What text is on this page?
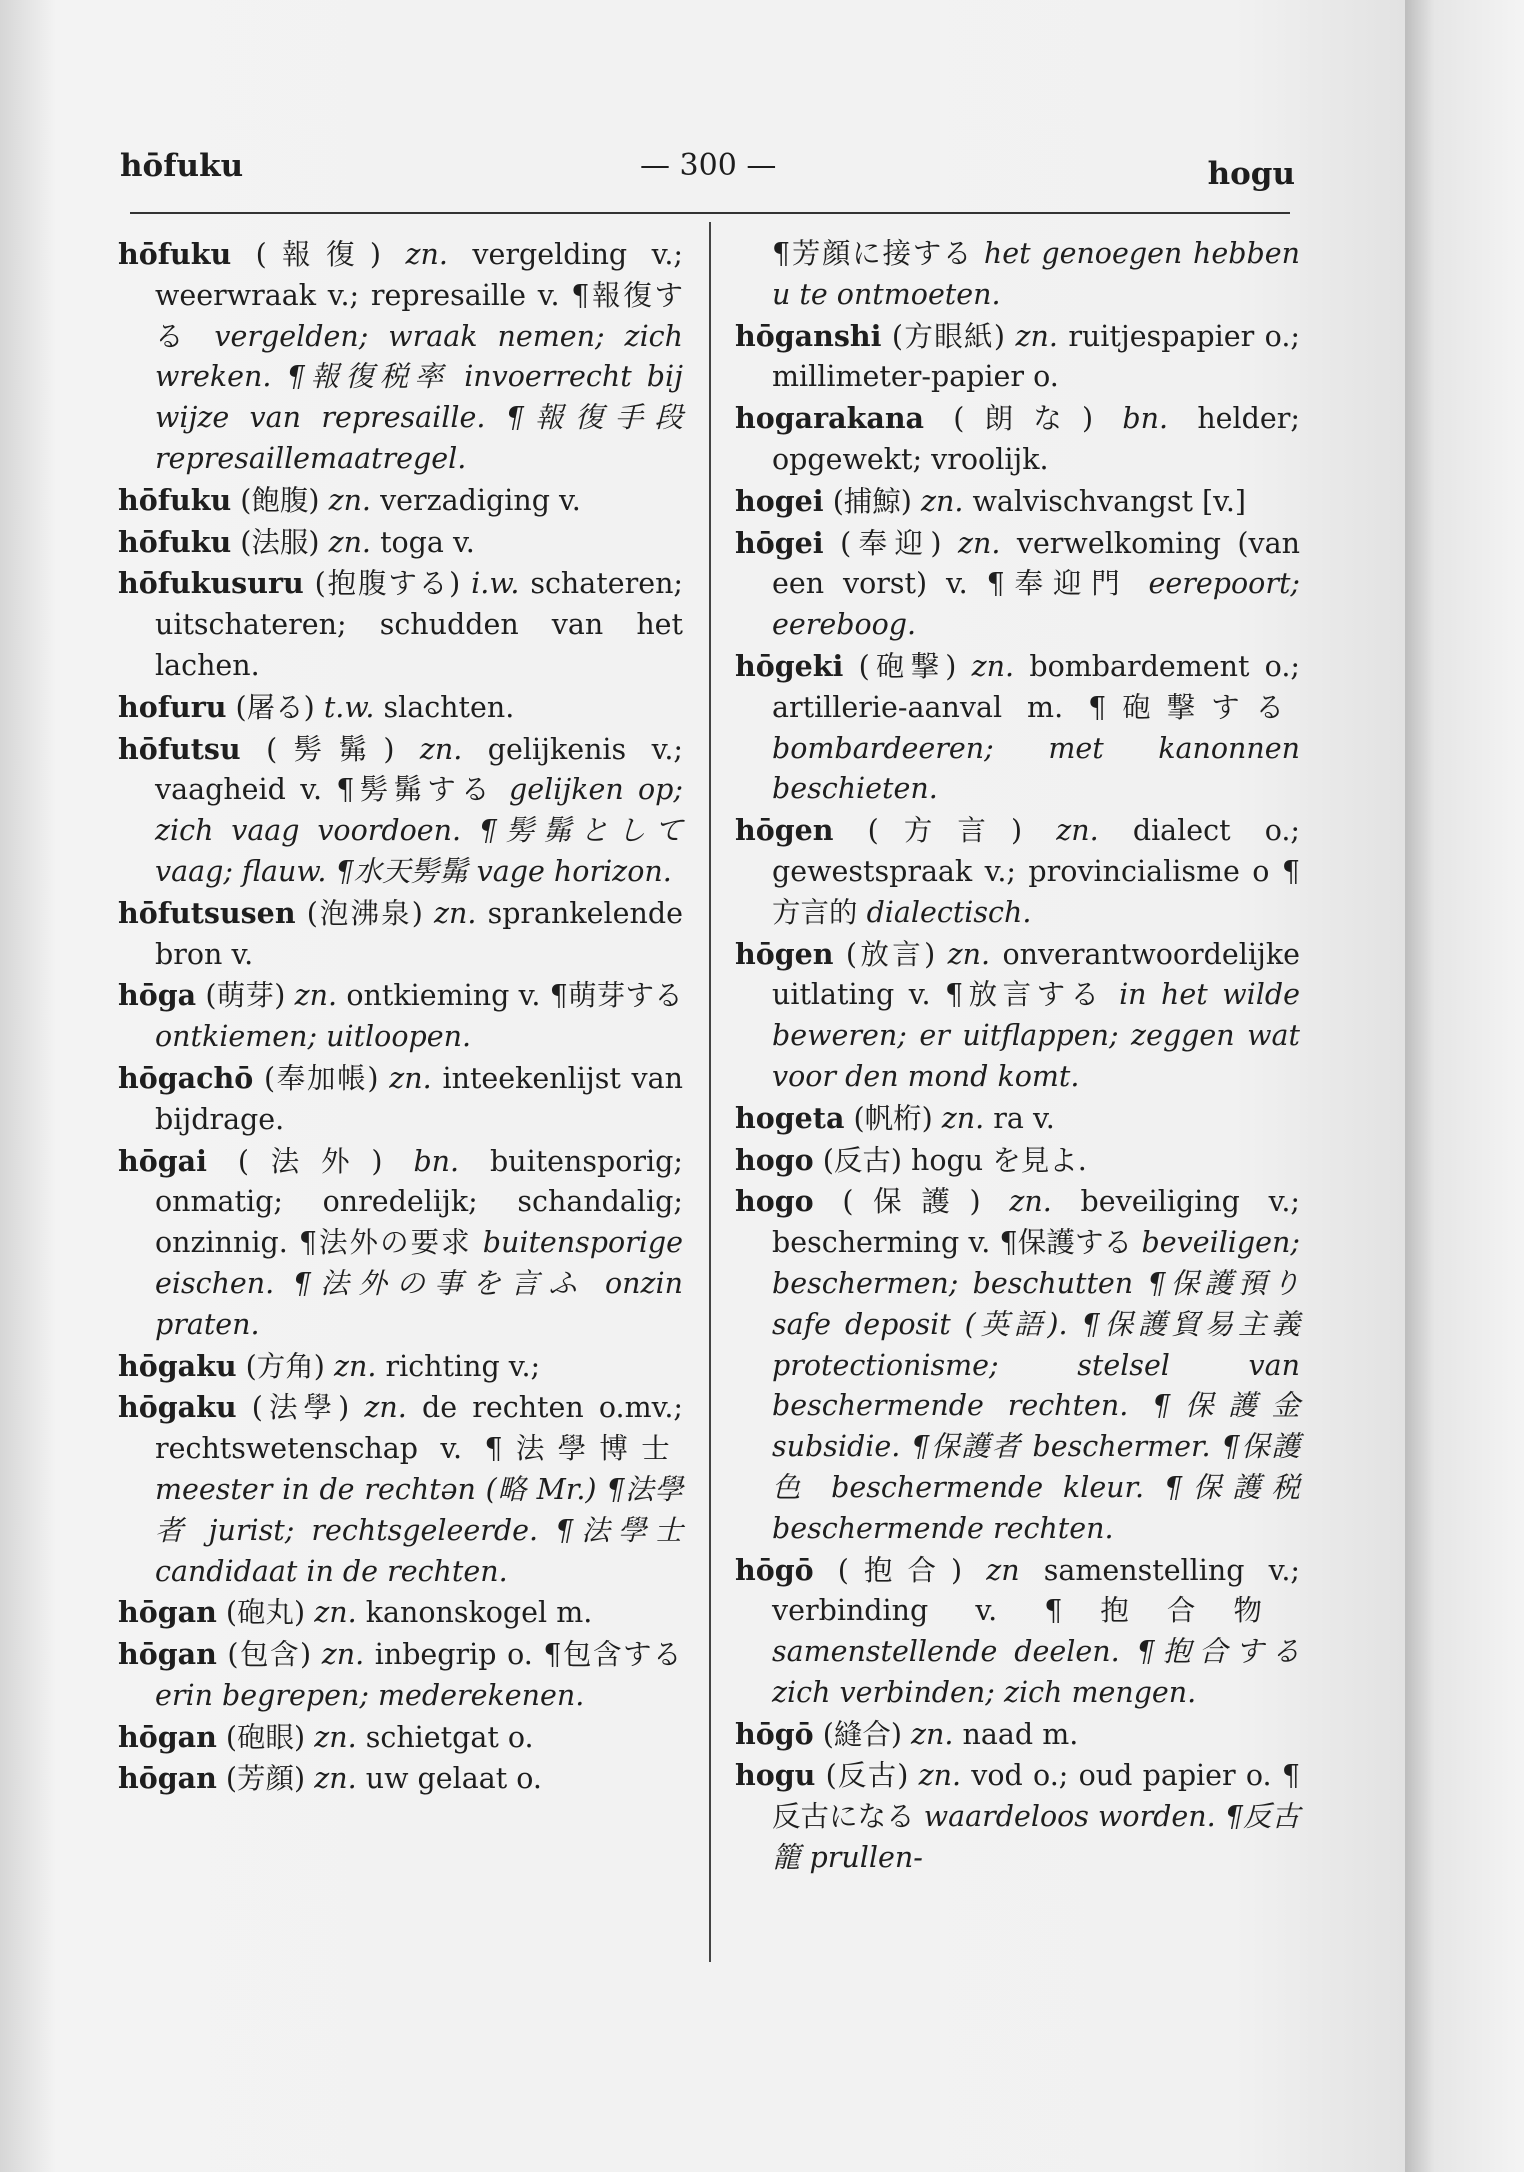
hōfuku	— 300 —	hogu
hōfuku (報復) zn. vergelding v.; weerwraak v.; represaille v. ¶報復する vergelden; wraak nemen; zich wreken. ¶報復税率 invoerrecht bij wijze van represaille. ¶報復手段 represaillemaatregel.
hōfuku (飽腹) zn. verzadiging v.
hōfuku (法服) zn. toga v.
hōfukusuru (抱腹する) i.w. schateren; uitschateren; schudden van het lachen.
hofuru (屠る) t.w. slachten.
hōfutsu (髣髴) zn. gelijkenis v.; vaagheid v. ¶髣髴する gelijken op; zich vaag voordoen. ¶髣髴として vaag; flauw. ¶水天髣髴 vage horizon.
hōfutsusen (泡沸泉) zn. sprankelende bron v.
hōga (萌芽) zn. ontkieming v. ¶萌芽する ontkiemen; uitloopen.
hōgachō (奉加帳) zn. inteekenlijst van bijdrage.
hōgai (法外) bn. buitensporig; onmatig; onredelijk; schandalig; onzinnig. ¶法外の要求 buitensporige eischen. ¶法外の事を言ふ onzin praten.
hōgaku (方角) zn. richting v.;
hōgaku (法學) zn. de rechten o.mv.; rechtswetenschap v. ¶法學博士 meester in de rechtən (略 Mr.) ¶法學者 jurist; rechtsgeleerde. ¶法學士 candidaat in de rechten.
hōgan (砲丸) zn. kanonskogel m.
hōgan (包含) zn. inbegrip o. ¶包含する erin begrepen; mederekenen.
hōgan (砲眼) zn. schietgat o.
hōgan (芳顔) zn. uw gelaat o.
¶芳顔に接する het genoegen hebben u te ontmoeten.
hōganshi (方眼紙) zn. ruitjespapier o.; millimeter-papier o.
hogarakana (朗な) bn. helder; opgewekt; vroolijk.
hogei (捕鯨) zn. walvischvangst [v.]
hōgei (奉迎) zn. verwelkoming (van een vorst) v. ¶奉迎門 eerepoort; eereboog.
hōgeki (砲撃) zn. bombardement o.; artillerie-aanval m. ¶砲撃する bombardeeren; met kanonnen beschieten.
hōgen (方言) zn. dialect o.; gewestspraak v.; provincialisme o ¶方言的 dialectisch.
hōgen (放言) zn. onverantwoordelijke uitlating v. ¶放言する in het wilde beweren; er uitflappen; zeggen wat voor den mond komt.
hogeta (帆桁) zn. ra v.
hogo (反古) hogu を見よ.
hogo (保護) zn. beveiliging v.; bescherming v. ¶保護する beveiligen; beschermen; beschutten ¶保護預り safe deposit (英語). ¶保護貿易主義 protectionisme; stelsel van beschermende rechten. ¶保護金 subsidie. ¶保護者 beschermer. ¶保護色 beschermende kleur. ¶保護税 beschermende rechten.
hōgō (抱合) zn samenstelling v.; verbinding v. ¶抱合物 samenstellende deelen. ¶抱合する zich verbinden; zich mengen.
hōgō (縫合) zn. naad m.
hogu (反古) zn. vod o.; oud papier o. ¶反古になる waardeloos worden. ¶反古籠 prullen-
